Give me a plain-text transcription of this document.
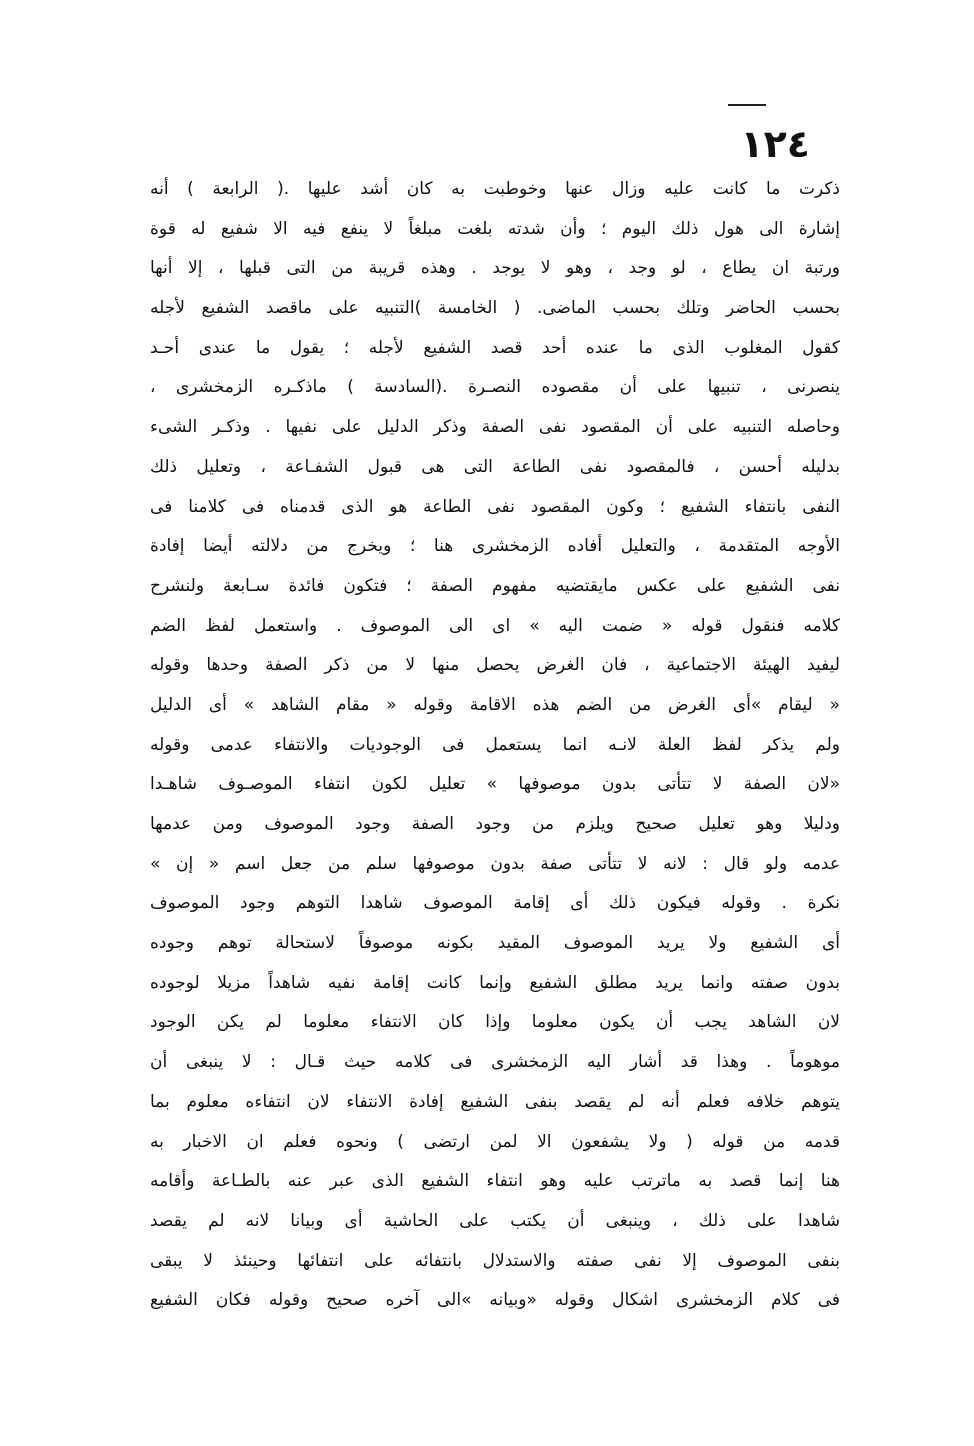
١٢٤
ذكرت ما كانت عليه وزال عنها وخوطبت به كان أشد عليها .( الرابعة ) أنه
إشارة الى هول ذلك اليوم ؛ وأن شدته بلغت مبلغاً لا ينفع فيه الا شفيع له قوة
ورتبة ان يطاع ، لو وجد ، وهو لا يوجد . وهذه قريبة من التى قبلها ، إلا أنها
بحسب الحاضر وتلك بحسب الماضى. ( الخامسة )التنبيه على ماقصد الشفيع لأجله
كقول المغلوب الذى ما عنده أحد قصد الشفيع لأجله ؛ يقول ما عندى أحـد
ينصرنى ، تنبيها على أن مقصوده النصـرة .(السادسة ) ماذكـره الزمخشرى ،
وحاصله التنبيه على أن المقصود نفى الصفة وذكر الدليل على نفيها . وذكـر الشىء
بدليله أحسن ، فالمقصود نفى الطاعة التى هى قبول الشفـاعة ، وتعليل ذلك
النفى بانتفاء الشفيع ؛ وكون المقصود نفى الطاعة هو الذى قدمناه فى كلامنا فى
الأوجه المتقدمة ، والتعليل أفاده الزمخشرى هنا ؛ ويخرج من دلالته أيضا إفادة
نفى الشفيع على عكس مايقتضيه مفهوم الصفة ؛ فتكون فائدة سـابعة ولنشرح
كلامه فنقول قوله « ضمت اليه » اى الى الموصوف . واستعمل لفظ الضم
ليفيد الهيئة الاجتماعية ، فان الغرض يحصل منها لا من ذكر الصفة وحدها وقوله
« ليقام »أى الغرض من الضم هذه الاقامة وقوله « مقام الشاهد » أى الدليل
ولم يذكر لفظ العلة لانـه انما يستعمل فى الوجوديات والانتفاء عدمى وقوله
«لان الصفة لا تتأتى بدون موصوفها » تعليل لكون انتفاء الموصـوف شاهـدا
ودليلا وهو تعليل صحيح ويلزم من وجود الصفة وجود الموصوف ومن عدمها
عدمه ولو قال : لانه لا تتأتى صفة بدون موصوفها سلم من جعل اسم « إن »
نكرة . وقوله فيكون ذلك أى إقامة الموصوف شاهدا التوهم وجود الموصوف
أى الشفيع ولا يريد الموصوف المقيد بكونه موصوفاً لاستحالة توهم وجوده
بدون صفته وانما يريد مطلق الشفيع وإنما كانت إقامة نفيه شاهداً مزيلا لوجوده
لان الشاهد يجب أن يكون معلوما وإذا كان الانتفاء معلوما لم يكن الوجود
موهوماً . وهذا قد أشار اليه الزمخشرى فى كلامه حيث قـال : لا ينبغى أن
يتوهم خلافه فعلم أنه لم يقصد بنفى الشفيع إفادة الانتفاء لان انتفاءه معلوم بما
قدمه من قوله ( ولا يشفعون الا لمن ارتضى ) ونحوه فعلم ان الاخبار به
هنا إنما قصد به ماترتب عليه وهو انتفاء الشفيع الذى عبر عنه بالطـاعة وأقامه
شاهدا على ذلك ، وينبغى أن يكتب على الحاشية أى وبيانا لانه لم يقصد
بنفى الموصوف إلا نفى صفته والاستدلال بانتفائه على انتفائها وحينئذ لا يبقى
فى كلام الزمخشرى اشكال وقوله «وبيانه »الى آخره صحيح وقوله فكان الشفيع
